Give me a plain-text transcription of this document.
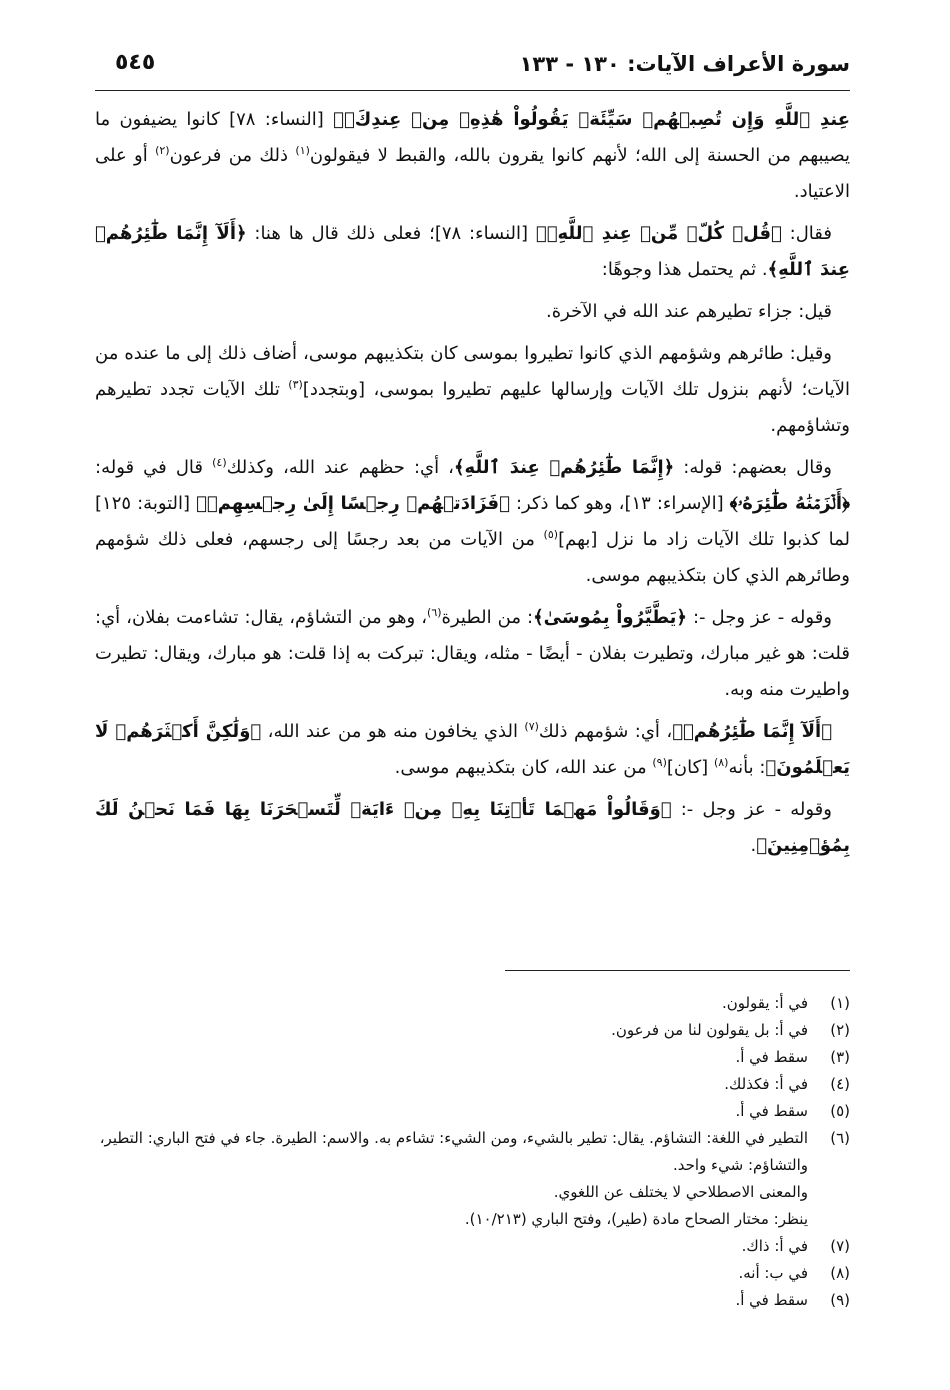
سورة الأعراف الآيات: ١٣٠ - ١٣٣
٥٤٥

عِندِ ٱللَّهِ وَإِن تُصِبۡهُمۡ سَيِّئَةٞ يَقُولُواْ هَٰذِهِۦ مِنۡ عِندِكَۚ﴾ [النساء: ٧٨] كانوا يضيفون ما يصيبهم من الحسنة إلى الله؛ لأنهم كانوا يقرون بالله، والقبط لا فيقولون$^{(١)}$ ذلك من فرعون$^{(٢)}$ أو على الاعتياد.

فقال: ﴿قُلۡ كُلّٞ مِّنۡ عِندِ ٱللَّهِۖ﴾ [النساء: ٧٨]؛ فعلى ذلك قال ها هنا: ﴿أَلَآ إِنَّمَا طَٰٓئِرُهُمۡ عِندَ ٱللَّهِ﴾. ثم يحتمل هذا وجوهًا:

قيل: جزاء تطيرهم عند الله في الآخرة.

وقيل: طائرهم وشؤمهم الذي كانوا تطيروا بموسى كان بتكذيبهم موسى، أضاف ذلك إلى ما عنده من الآيات؛ لأنهم بنزول تلك الآيات وإرسالها عليهم تطيروا بموسى، [وبتجدد]$^{(٣)}$ تلك الآيات تجدد تطيرهم وتشاؤمهم.

وقال بعضهم: قوله: ﴿إِنَّمَا طَٰٓئِرُهُمۡ عِندَ ٱللَّهِ﴾، أي: حظهم عند الله، وكذلك$^{(٤)}$ قال في قوله: ﴿أَلۡزَمۡنَٰهُ طَٰٓئِرَهُۥ﴾ [الإسراء: ١٣]، وهو كما ذكر: ﴿فَزَادَتۡهُمۡ رِجۡسًا إِلَىٰ رِجۡسِهِمۡ﴾ [التوبة: ١٢٥] لما كذبوا تلك الآيات زاد ما نزل [بهم]$^{(٥)}$ من الآيات من بعد رجسًا إلى رجسهم، فعلى ذلك شؤمهم وطائرهم الذي كان بتكذيبهم موسى.

وقوله - عز وجل -: ﴿يَطَّيَّرُواْ بِمُوسَىٰ﴾: من الطيرة$^{(٦)}$، وهو من التشاؤم، يقال: تشاءمت بفلان، أي: قلت: هو غير مبارك، وتطيرت بفلان - أيضًا - مثله، ويقال: تبركت به إذا قلت: هو مبارك، ويقال: تطيرت واطيرت منه وبه.

﴿أَلَآ إِنَّمَا طَٰٓئِرُهُمۡ﴾، أي: شؤمهم ذلك$^{(٧)}$ الذي يخافون منه هو من عند الله، ﴿وَلَٰكِنَّ أَكۡثَرَهُمۡ لَا يَعۡلَمُونَ﴾: بأنه$^{(٨)}$ [كان]$^{(٩)}$ من عند الله، كان بتكذيبهم موسى.

وقوله - عز وجل -: ﴿وَقَالُواْ مَهۡمَا تَأۡتِنَا بِهِۦ مِنۡ ءَايَةٖ لِّتَسۡحَرَنَا بِهَا فَمَا نَحۡنُ لَكَ بِمُؤۡمِنِينَ﴾.

(١)
في أ: يقولون.
(٢)
في أ: بل يقولون لنا من فرعون.
(٣)
سقط في أ.
(٤)
في أ: فكذلك.
(٥)
سقط في أ.
(٦)
التطير في اللغة: التشاؤم. يقال: تطير بالشيء، ومن الشيء: تشاءم به. والاسم: الطيرة. جاء في فتح الباري: التطير، والتشاؤم: شيء واحد.
والمعنى الاصطلاحي لا يختلف عن اللغوي.
ينظر: مختار الصحاح مادة (طير)، وفتح الباري (١٠/٢١٣).
(٧)
في أ: ذاك.
(٨)
في ب: أنه.
(٩)
سقط في أ.
